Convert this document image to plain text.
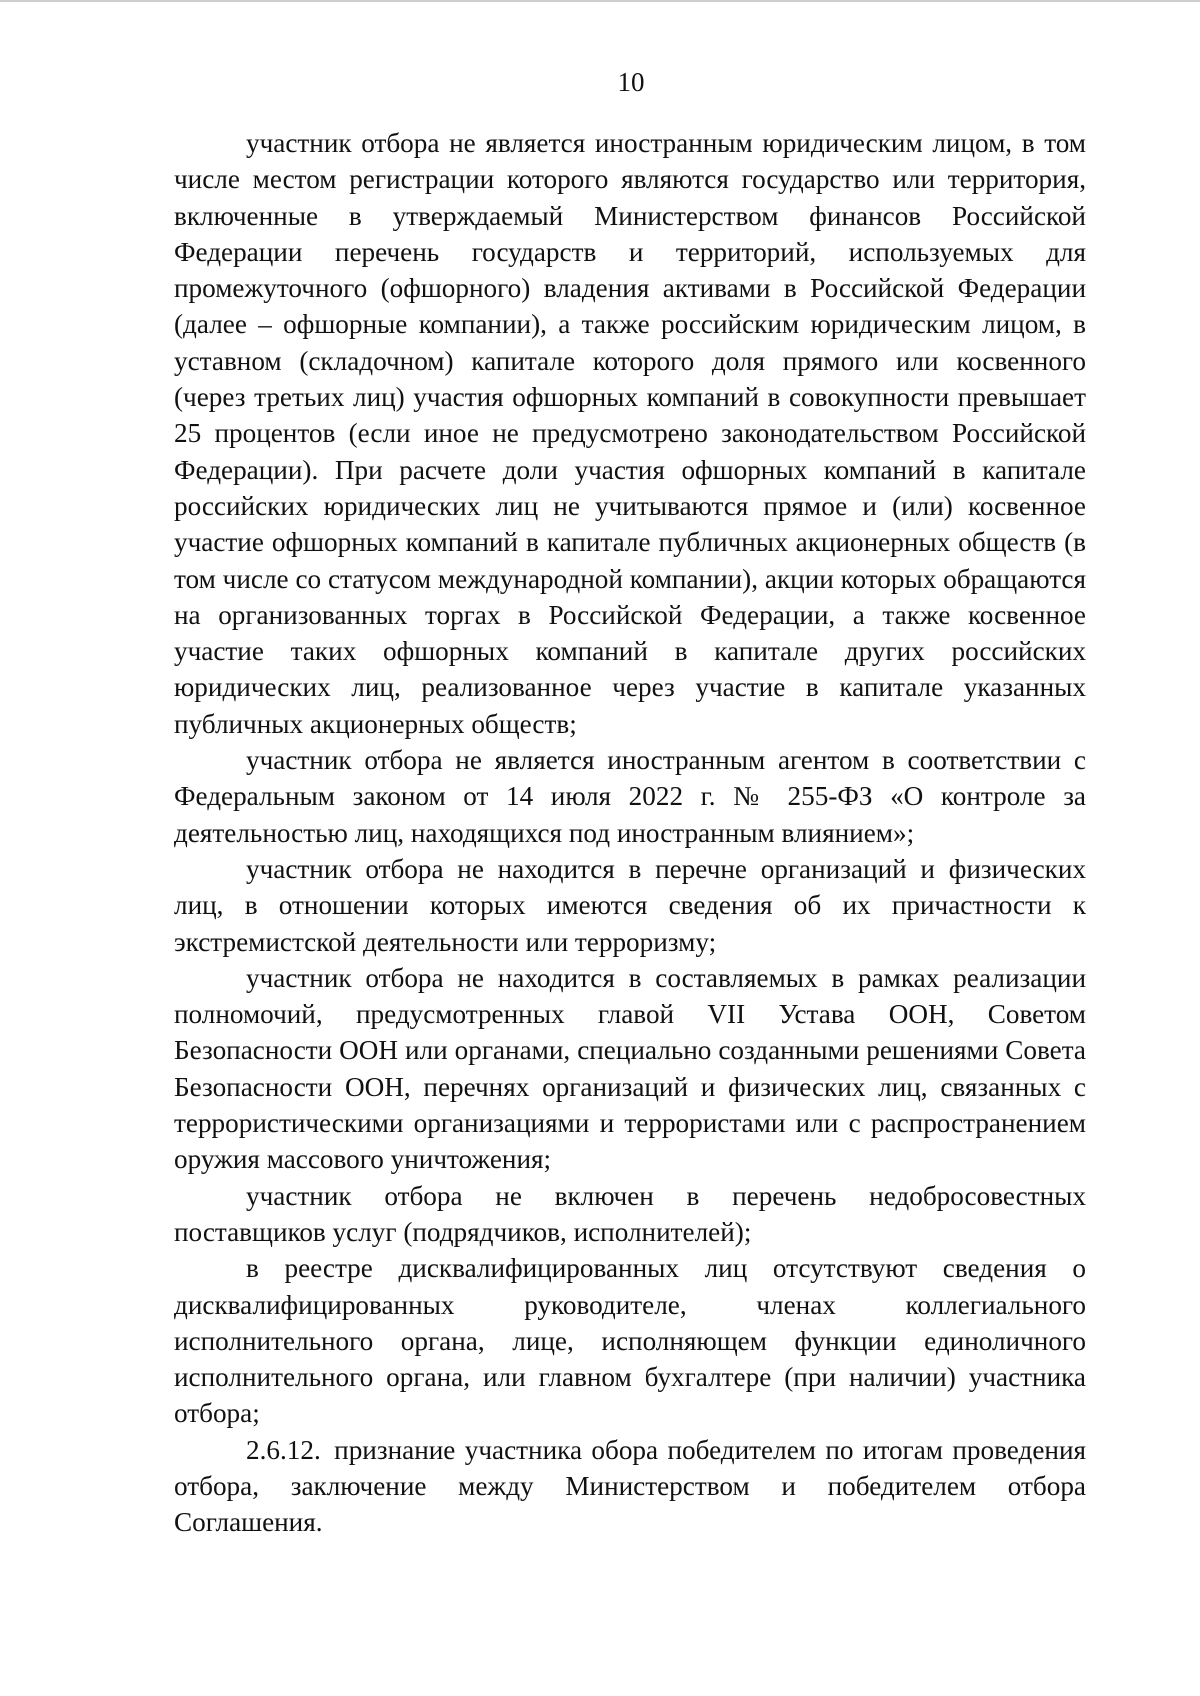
10

участник отбора не является иностранным юридическим лицом, в том числе местом регистрации которого являются государство или территория, включенные в утверждаемый Министерством финансов Российской Федерации перечень государств и территорий, используемых для промежуточного (офшорного) владения активами в Российской Федерации (далее – офшорные компании), а также российским юридическим лицом, в уставном (складочном) капитале которого доля прямого или косвенного (через третьих лиц) участия офшорных компаний в совокупности превышает 25 процентов (если иное не предусмотрено законодательством Российской Федерации). При расчете доли участия офшорных компаний в капитале российских юридических лиц не учитываются прямое и (или) косвенное участие офшорных компаний в капитале публичных акционерных обществ (в том числе со статусом международной компании), акции которых обращаются на организованных торгах в Российской Федерации, а также косвенное участие таких офшорных компаний в капитале других российских юридических лиц, реализованное через участие в капитале указанных публичных акционерных обществ;

участник отбора не является иностранным агентом в соответствии с Федеральным законом от 14 июля 2022 г. № 255-ФЗ «О контроле за деятельностью лиц, находящихся под иностранным влиянием»;

участник отбора не находится в перечне организаций и физических лиц, в отношении которых имеются сведения об их причастности к экстремистской деятельности или терроризму;

участник отбора не находится в составляемых в рамках реализации полномочий, предусмотренных главой VII Устава ООН, Советом Безопасности ООН или органами, специально созданными решениями Совета Безопасности ООН, перечнях организаций и физических лиц, связанных с террористическими организациями и террористами или с распространением оружия массового уничтожения;

участник отбора не включен в перечень недобросовестных поставщиков услуг (подрядчиков, исполнителей);

в реестре дисквалифицированных лиц отсутствуют сведения о дисквалифицированных руководителе, членах коллегиального исполнительного органа, лице, исполняющем функции единоличного исполнительного органа, или главном бухгалтере (при наличии) участника отбора;

2.6.12. признание участника обора победителем по итогам проведения отбора, заключение между Министерством и победителем отбора Соглашения.
